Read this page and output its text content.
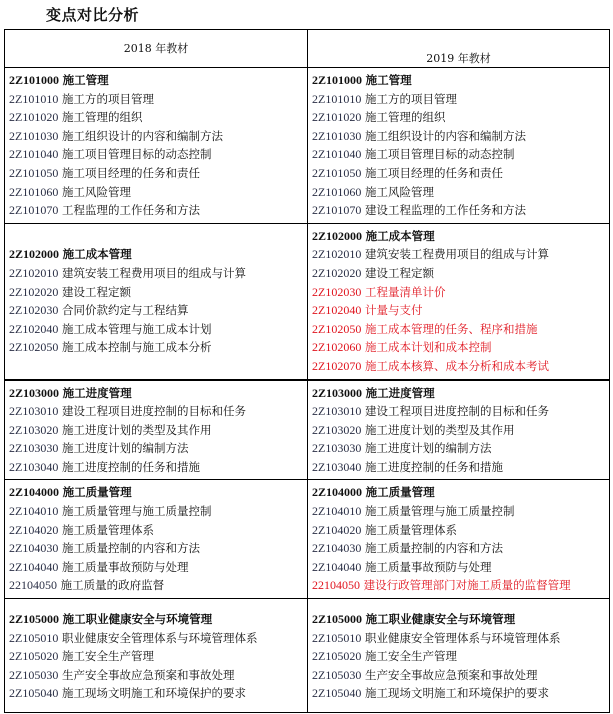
变点对比分析
2018 年教材
2019 年教材
2Z101000 施工管理
2Z101010 施工方的项目管理
2Z101020 施工管理的组织
2Z101030 施工组织设计的内容和编制方法
2Z101040 施工项目管理目标的动态控制
2Z101050 施工项目经理的任务和责任
2Z101060 施工风险管理
2Z101070 工程监理的工作任务和方法
2Z101000 施工管理
2Z101010 施工方的项目管理
2Z101020 施工管理的组织
2Z101030 施工组织设计的内容和编制方法
2Z101040 施工项目管理目标的动态控制
2Z101050 施工项目经理的任务和责任
2Z101060 施工风险管理
2Z101070 建设工程监理的工作任务和方法
2Z102000 施工成本管理
2Z102010 建筑安装工程费用项目的组成与计算
2Z102020 建设工程定额
2Z102030 合同价款约定与工程结算
2Z102040 施工成本管理与施工成本计划
2Z102050 施工成本控制与施工成本分析
2Z102000 施工成本管理
2Z102010 建筑安装工程费用项目的组成与计算
2Z102020 建设工程定额
2Z102030 工程量清单计价
2Z102040 计量与支付
2Z102050 施工成本管理的任务、程序和措施
2Z102060 施工成本计划和成本控制
2Z102070 施工成本核算、成本分析和成本考试
2Z103000 施工进度管理
2Z103010 建设工程项目进度控制的目标和任务
2Z103020 施工进度计划的类型及其作用
2Z103030 施工进度计划的编制方法
2Z103040 施工进度控制的任务和措施
2Z103000 施工进度管理
2Z103010 建设工程项目进度控制的目标和任务
2Z103020 施工进度计划的类型及其作用
2Z103030 施工进度计划的编制方法
2Z103040 施工进度控制的任务和措施
2Z104000 施工质量管理
2Z104010 施工质量管理与施工质量控制
2Z104020 施工质量管理体系
2Z104030 施工质量控制的内容和方法
2Z104040 施工质量事故预防与处理
22104050 施工质量的政府监督
2Z104000 施工质量管理
2Z104010 施工质量管理与施工质量控制
2Z104020 施工质量管理体系
2Z104030 施工质量控制的内容和方法
2Z104040 施工质量事故预防与处理
22104050 建设行政管理部门对施工质量的监督管理
2Z105000 施工职业健康安全与环境管理
2Z105010 职业健康安全管理体系与环境管理体系
2Z105020 施工安全生产管理
2Z105030 生产安全事故应急预案和事故处理
2Z105040 施工现场文明施工和环境保护的要求
2Z105000 施工职业健康安全与环境管理
2Z105010 职业健康安全管理体系与环境管理体系
2Z105020 施工安全生产管理
2Z105030 生产安全事故应急预案和事故处理
2Z105040 施工现场文明施工和环境保护的要求
